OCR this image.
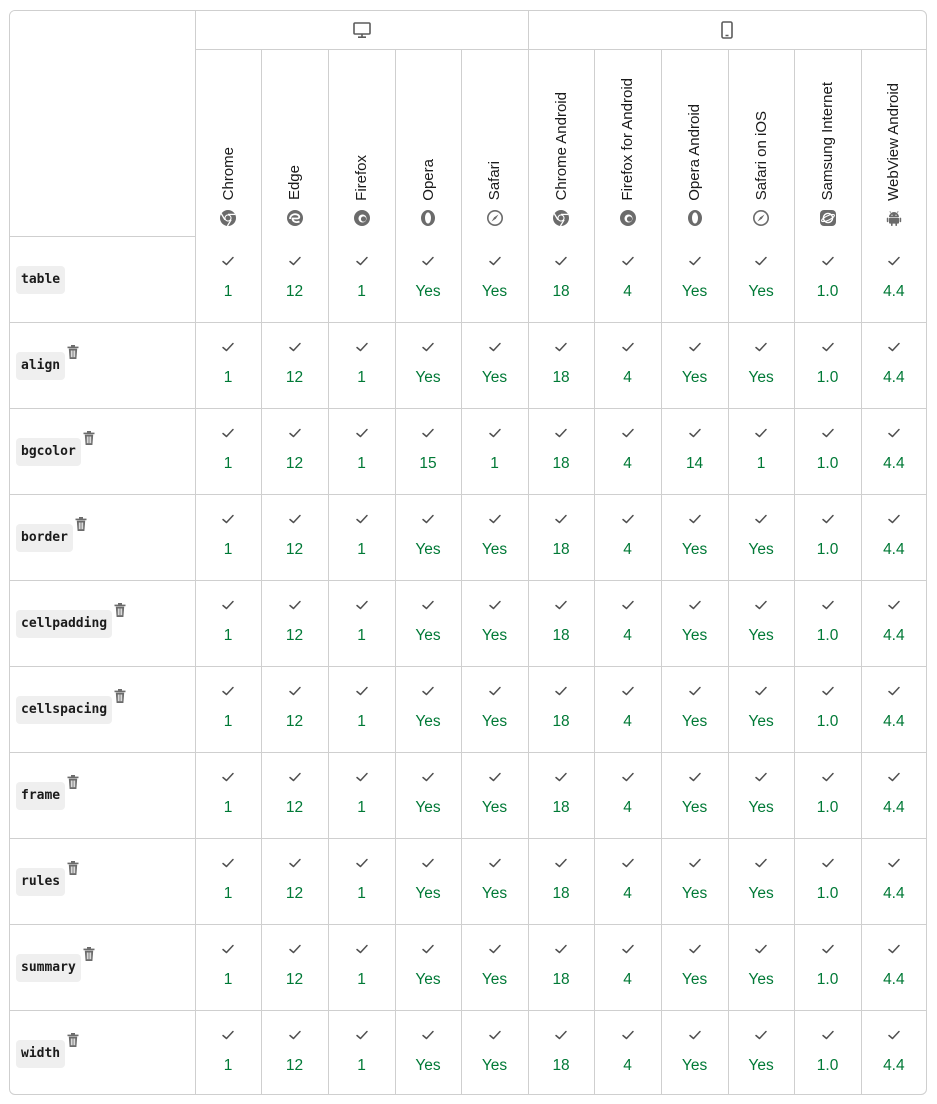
	Chrome	Edge	Firefox	Opera	Safari	Chrome Android	Firefox for Android	Opera Android	Safari on iOS	Samsung Internet	WebView Android

table	1	12	1	Yes	Yes	18	4	Yes	Yes	1.0	4.4

align	1	12	1	Yes	Yes	18	4	Yes	Yes	1.0	4.4

bgcolor	1	12	1	15	1	18	4	14	1	1.0	4.4

border	1	12	1	Yes	Yes	18	4	Yes	Yes	1.0	4.4

cellpadding	1	12	1	Yes	Yes	18	4	Yes	Yes	1.0	4.4

cellspacing	1	12	1	Yes	Yes	18	4	Yes	Yes	1.0	4.4

frame	1	12	1	Yes	Yes	18	4	Yes	Yes	1.0	4.4

rules	1	12	1	Yes	Yes	18	4	Yes	Yes	1.0	4.4

summary	1	12	1	Yes	Yes	18	4	Yes	Yes	1.0	4.4

width	1	12	1	Yes	Yes	18	4	Yes	Yes	1.0	4.4
